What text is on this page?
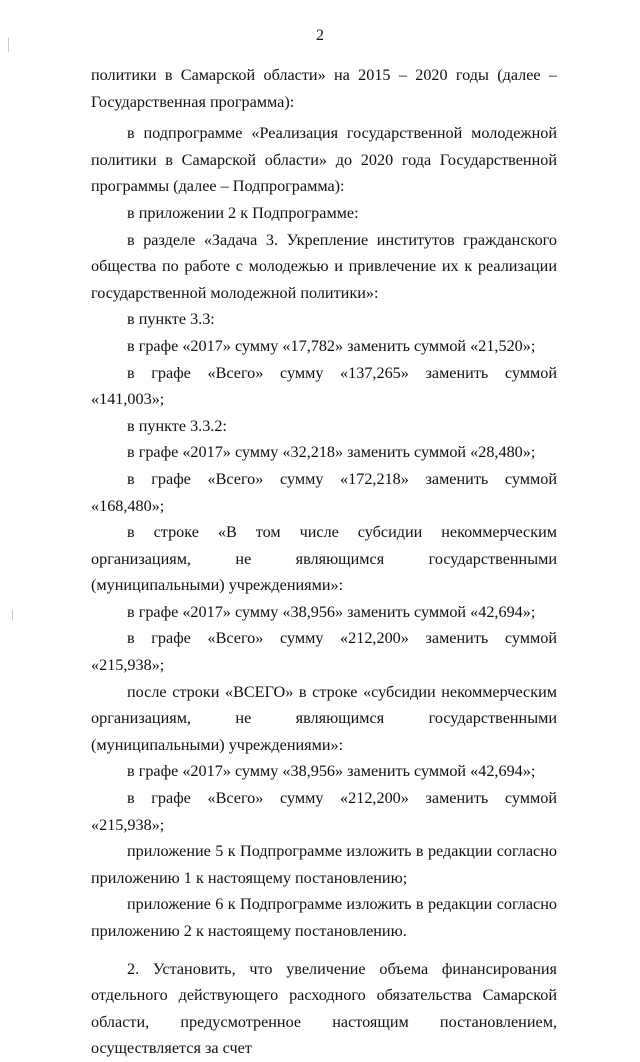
2

политики в Самарской области» на 2015 – 2020 годы (далее – Государственная программа):

в подпрограмме «Реализация государственной молодежной политики в Самарской области» до 2020 года Государственной программы (далее – Подпрограмма):

в приложении 2 к Подпрограмме:

в разделе «Задача 3. Укрепление институтов гражданского общества по работе с молодежью и привлечение их к реализации государственной молодежной политики»:

в пункте 3.3:

в графе «2017» сумму «17,782» заменить суммой «21,520»;

в графе «Всего» сумму «137,265» заменить суммой «141,003»;

в пункте 3.3.2:

в графе «2017» сумму «32,218» заменить суммой «28,480»;

в графе «Всего» сумму «172,218» заменить суммой «168,480»;

в строке «В том числе субсидии некоммерческим организациям, не являющимся государственными (муниципальными) учреждениями»:

в графе «2017» сумму «38,956» заменить суммой «42,694»;

в графе «Всего» сумму «212,200» заменить суммой «215,938»;

после строки «ВСЕГО» в строке «субсидии некоммерческим организациям, не являющимся государственными (муниципальными) учреждениями»:

в графе «2017» сумму «38,956» заменить суммой «42,694»;

в графе «Всего» сумму «212,200» заменить суммой «215,938»;

приложение 5 к Подпрограмме изложить в редакции согласно приложению 1 к настоящему постановлению;

приложение 6 к Подпрограмме изложить в редакции согласно приложению 2 к настоящему постановлению.

2. Установить, что увеличение объема финансирования отдельного действующего расходного обязательства Самарской области, предусмотренное настоящим постановлением, осуществляется за счет
